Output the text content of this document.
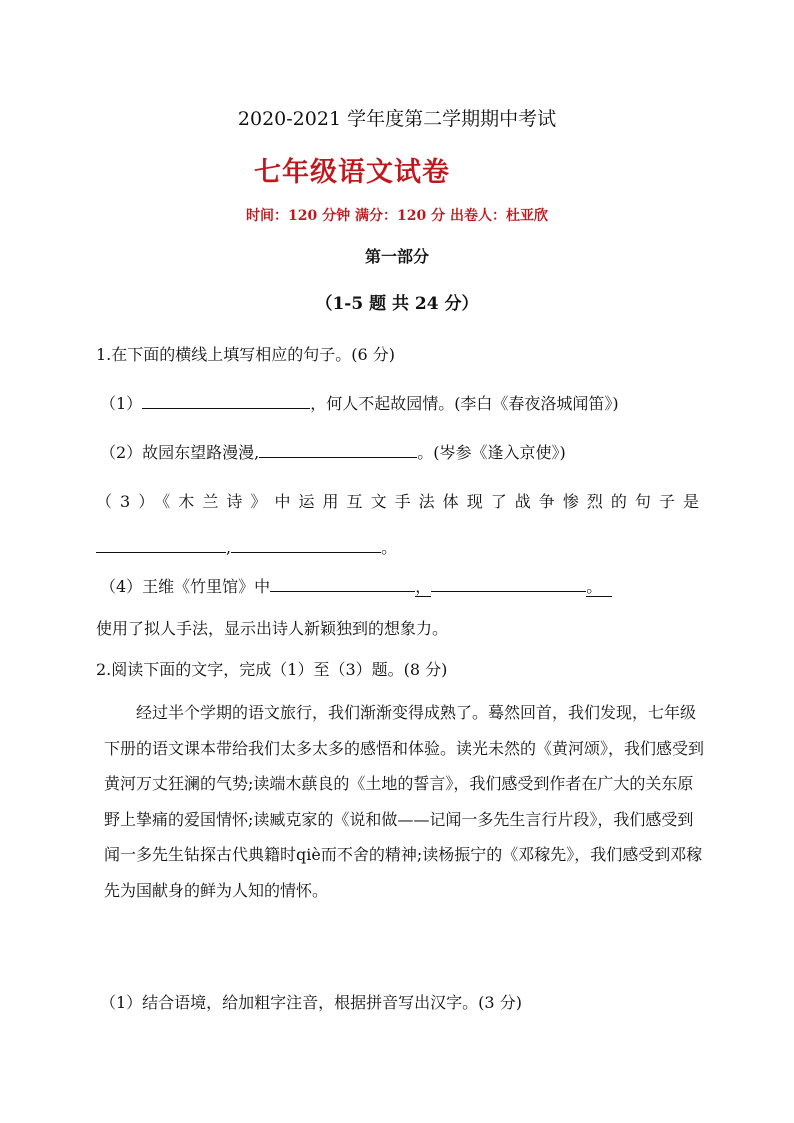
2020-2021 学年度第二学期期中考试
七年级语文试卷
时间：120 分钟 满分：120 分 出卷人：杜亚欣
第一部分
（1-5 题 共 24 分）
1.在下面的横线上填写相应的句子。(6 分)
（1）	，何人不起故园情。(李白《春夜洛城闻笛》)
（2）故园东望路漫漫,	。(岑参《逢入京使》)
（3）《木兰诗》中运用互文手法体现了战争惨烈的句子是
,	。
（4）王维《竹里馆》中	，	。
使用了拟人手法，显示出诗人新颖独到的想象力。
2.阅读下面的文字，完成（1）至（3）题。(8 分)

经过半个学期的语文旅行，我们渐渐变得成熟了。蓦然回首，我们发现，七年级下册的语文课本带给我们太多太多的感悟和体验。读光未然的《黄河颂》，我们感受到黄河万丈狂澜的气势;读端木蕻良的《土地的誓言》，我们感受到作者在广大的关东原野上挚痛的爱国情怀;读臧克家的《说和做——记闻一多先生言行片段》，我们感受到闻一多先生钻探古代典籍时qiè而不舍的精神;读杨振宁的《邓稼先》，我们感受到邓稼先为国献身的鲜为人知的情怀。

（1）结合语境，给加粗字注音，根据拼音写出汉字。(3 分)
